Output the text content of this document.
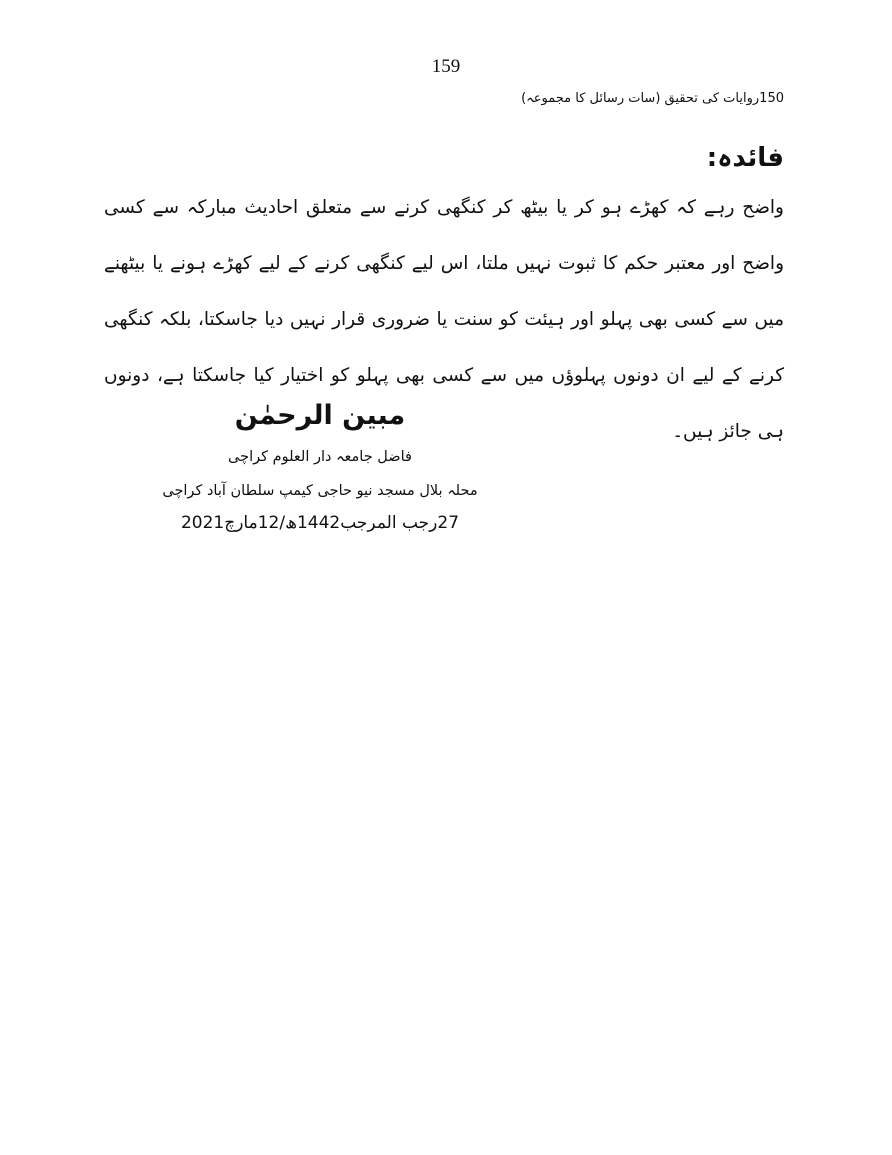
159
150روایات کی تحقیق (سات رسائل کا مجموعہ)
فائدہ:
واضح رہے کہ کھڑے ہو کر یا بیٹھ کر کنگھی کرنے سے متعلق احادیث مبارکہ سے کسی واضح اور معتبر حکم کا ثبوت نہیں ملتا، اس لیے کنگھی کرنے کے لیے کھڑے ہونے یا بیٹھنے میں سے کسی بھی پہلو اور ہیئت کو سنت یا ضروری قرار نہیں دیا جاسکتا، بلکہ کنگھی کرنے کے لیے ان دونوں پہلوؤں میں سے کسی بھی پہلو کو اختیار کیا جاسکتا ہے، دونوں ہی جائز ہیں۔
مبین الرحمٰن
فاضل جامعہ دار العلوم کراچی
محلہ بلال مسجد نیو حاجی کیمپ سلطان آباد کراچی
27رجب المرجب1442ھ/12مارچ2021
